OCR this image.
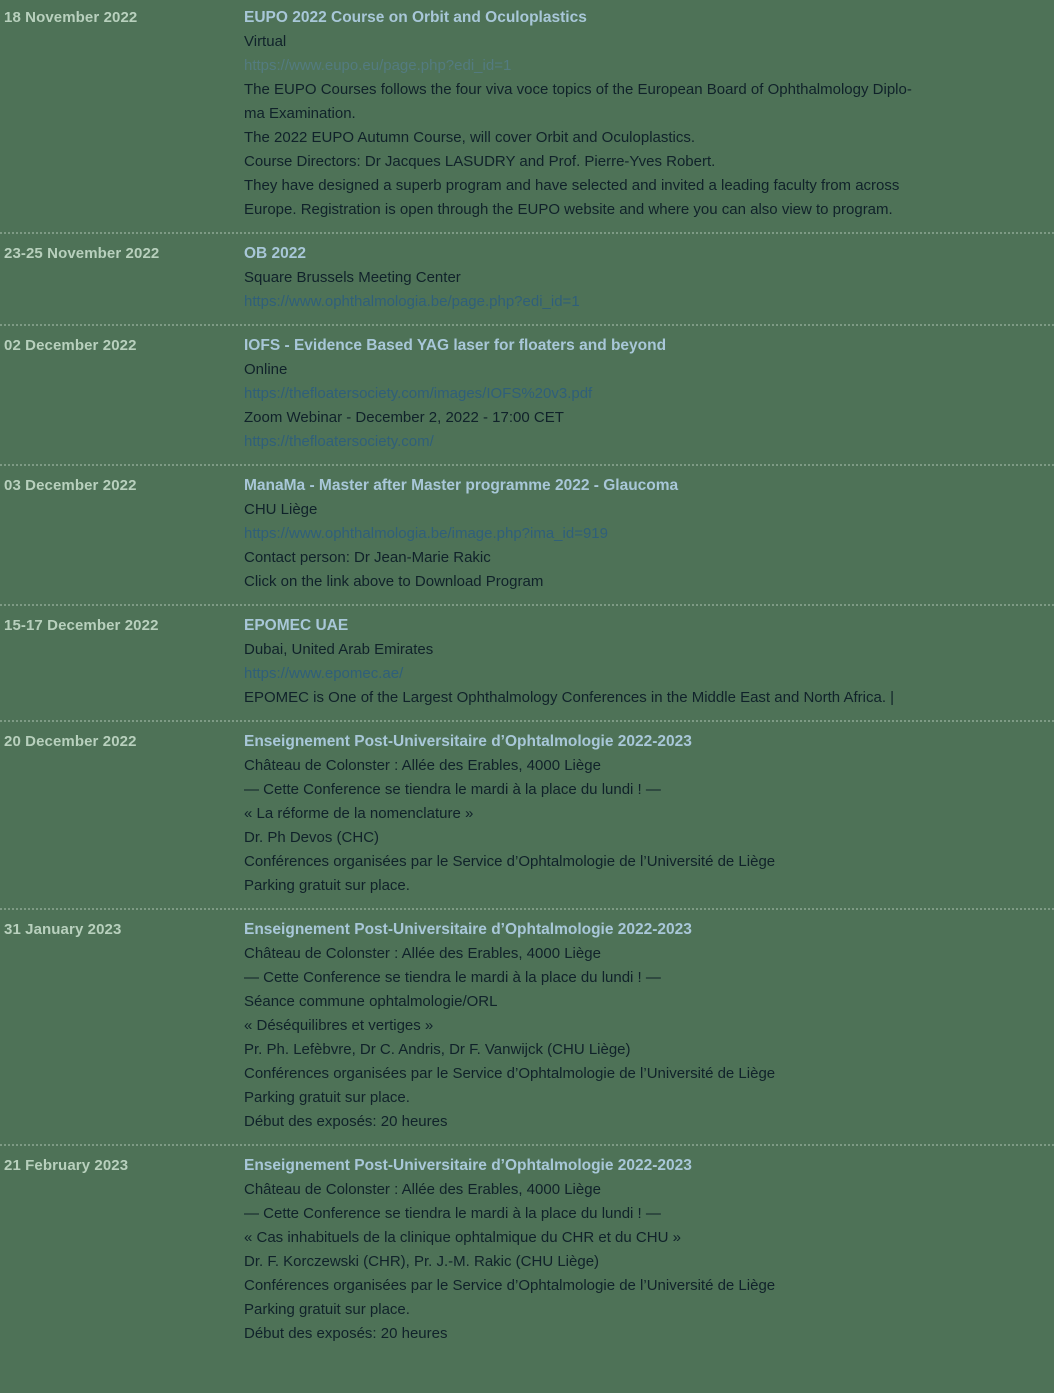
18 November 2022	EUPO 2022 Course on Orbit and Oculoplastics
Virtual
https://www.eupo.eu/page.php?edi_id=1
The EUPO Courses follows the four viva voce topics of the European Board of Ophthalmology Diplo-
ma Examination.
The 2022 EUPO Autumn Course, will cover Orbit and Oculoplastics.
Course Directors: Dr Jacques LASUDRY and Prof. Pierre-Yves Robert.
They have designed a superb program and have selected and invited a leading faculty from across
Europe. Registration is open through the EUPO website and where you can also view to program.
23-25 November 2022	OB 2022
Square Brussels Meeting Center
https://www.ophthalmologia.be/page.php?edi_id=1
02 December 2022	IOFS - Evidence Based YAG laser for floaters and beyond
Online
https://thefloatersociety.com/images/IOFS%20v3.pdf
Zoom Webinar - December 2, 2022 - 17:00 CET
https://thefloatersociety.com/
03 December 2022	ManaMa - Master after Master programme 2022 - Glaucoma
CHU Liège
https://www.ophthalmologia.be/image.php?ima_id=919
Contact person: Dr Jean-Marie Rakic
Click on the link above to Download Program
15-17 December 2022	EPOMEC UAE
Dubai, United Arab Emirates
https://www.epomec.ae/
EPOMEC is One of the Largest Ophthalmology Conferences in the Middle East and North Africa. |
20 December 2022	Enseignement Post-Universitaire d’Ophtalmologie 2022-2023
Château de Colonster : Allée des Erables, 4000 Liège
— Cette Conference se tiendra le mardi à la place du lundi ! —
« La réforme de la nomenclature »
Dr. Ph Devos (CHC)
Conférences organisées par le Service d’Ophtalmologie de l’Université de Liège
Parking gratuit sur place.
31 January 2023	Enseignement Post-Universitaire d’Ophtalmologie 2022-2023
Château de Colonster : Allée des Erables, 4000 Liège
— Cette Conference se tiendra le mardi à la place du lundi ! —
Séance commune ophtalmologie/ORL
« Déséquilibres et vertiges »
Pr. Ph. Lefèbvre, Dr C. Andris, Dr F. Vanwijck (CHU Liège)
Conférences organisées par le Service d’Ophtalmologie de l’Université de Liège
Parking gratuit sur place.
Début des exposés: 20 heures
21 February 2023	Enseignement Post-Universitaire d’Ophtalmologie 2022-2023
Château de Colonster : Allée des Erables, 4000 Liège
— Cette Conference se tiendra le mardi à la place du lundi ! —
« Cas inhabituels de la clinique ophtalmique du CHR et du CHU »
Dr. F. Korczewski (CHR), Pr. J.-M. Rakic (CHU Liège)
Conférences organisées par le Service d’Ophtalmologie de l’Université de Liège
Parking gratuit sur place.
Début des exposés: 20 heures
